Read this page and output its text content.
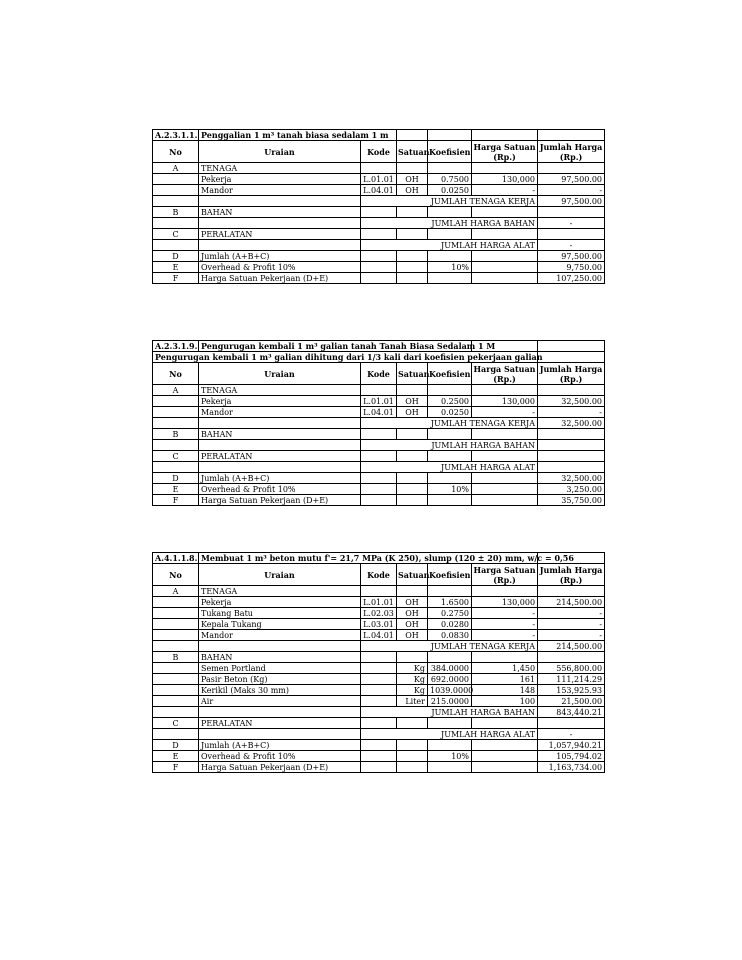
A.2.3.1.1.	Penggalian 1 m³ tanah biasa sedalam 1 m					
No	Uraian	Kode	Satuan	Koefisien	Harga Satuan (Rp.)	Jumlah Harga (Rp.)
A	TENAGA					
	Pekerja	L.01.01	OH	0.7500	130,000	97,500.00
	Mandor	L.04.01	OH	0.0250	-	-
		JUMLAH TENAGA KERJA				97,500.00
B	BAHAN					
		JUMLAH HARGA BAHAN				-
C	PERALATAN					
		JUMLAH HARGA ALAT				-
D	Jumlah (A+B+C)					97,500.00
E	Overhead & Profit 10%			10%		9,750.00
F	Harga Satuan Pekerjaan (D+E)					107,250.00
A.2.3.1.9.	Pengurugan kembali 1 m³ galian tanah Tanah Biasa Sedalam 1 M					
Pengurugan kembali 1 m³ galian dihitung dari 1/3 kali dari koefisien pekerjaan galian						
No	Uraian	Kode	Satuan	Koefisien	Harga Satuan (Rp.)	Jumlah Harga (Rp.)
A	TENAGA					
	Pekerja	L.01.01	OH	0.2500	130,000	32,500.00
	Mandor	L.04.01	OH	0.0250	-	-
		JUMLAH TENAGA KERJA				32,500.00
B	BAHAN					
		JUMLAH HARGA BAHAN				
C	PERALATAN					
		JUMLAH HARGA ALAT				
D	Jumlah (A+B+C)					32,500.00
E	Overhead & Profit 10%			10%		3,250.00
F	Harga Satuan Pekerjaan (D+E)					35,750.00
A.4.1.1.8.	Membuat 1 m³ beton mutu f'= 21,7 MPa (K 250), slump (120 ± 20) mm, w/c = 0,56					
No	Uraian	Kode	Satuan	Koefisien	Harga Satuan (Rp.)	Jumlah Harga (Rp.)
A	TENAGA					
	Pekerja	L.01.01	OH	1.6500	130,000	214,500.00
	Tukang Batu	L.02.03	OH	0.2750	-	-
	Kepala Tukang	L.03.01	OH	0.0280	-	-
	Mandor	L.04.01	OH	0.0830	-	-
		JUMLAH TENAGA KERJA				214,500.00
B	BAHAN					
	Semen Portland		Kg	384.0000	1,450	556,800.00
	Pasir Beton (Kg)		Kg	692.0000	161	111,214.29
	Kerikil (Maks 30 mm)		Kg	1039.0000	148	153,925.93
	Air		Liter	215.0000	100	21,500.00
		JUMLAH HARGA BAHAN				843,440.21
C	PERALATAN					
		JUMLAH HARGA ALAT				-
D	Jumlah (A+B+C)					1,057,940.21
E	Overhead & Profit 10%			10%		105,794.02
F	Harga Satuan Pekerjaan (D+E)					1,163,734.00
